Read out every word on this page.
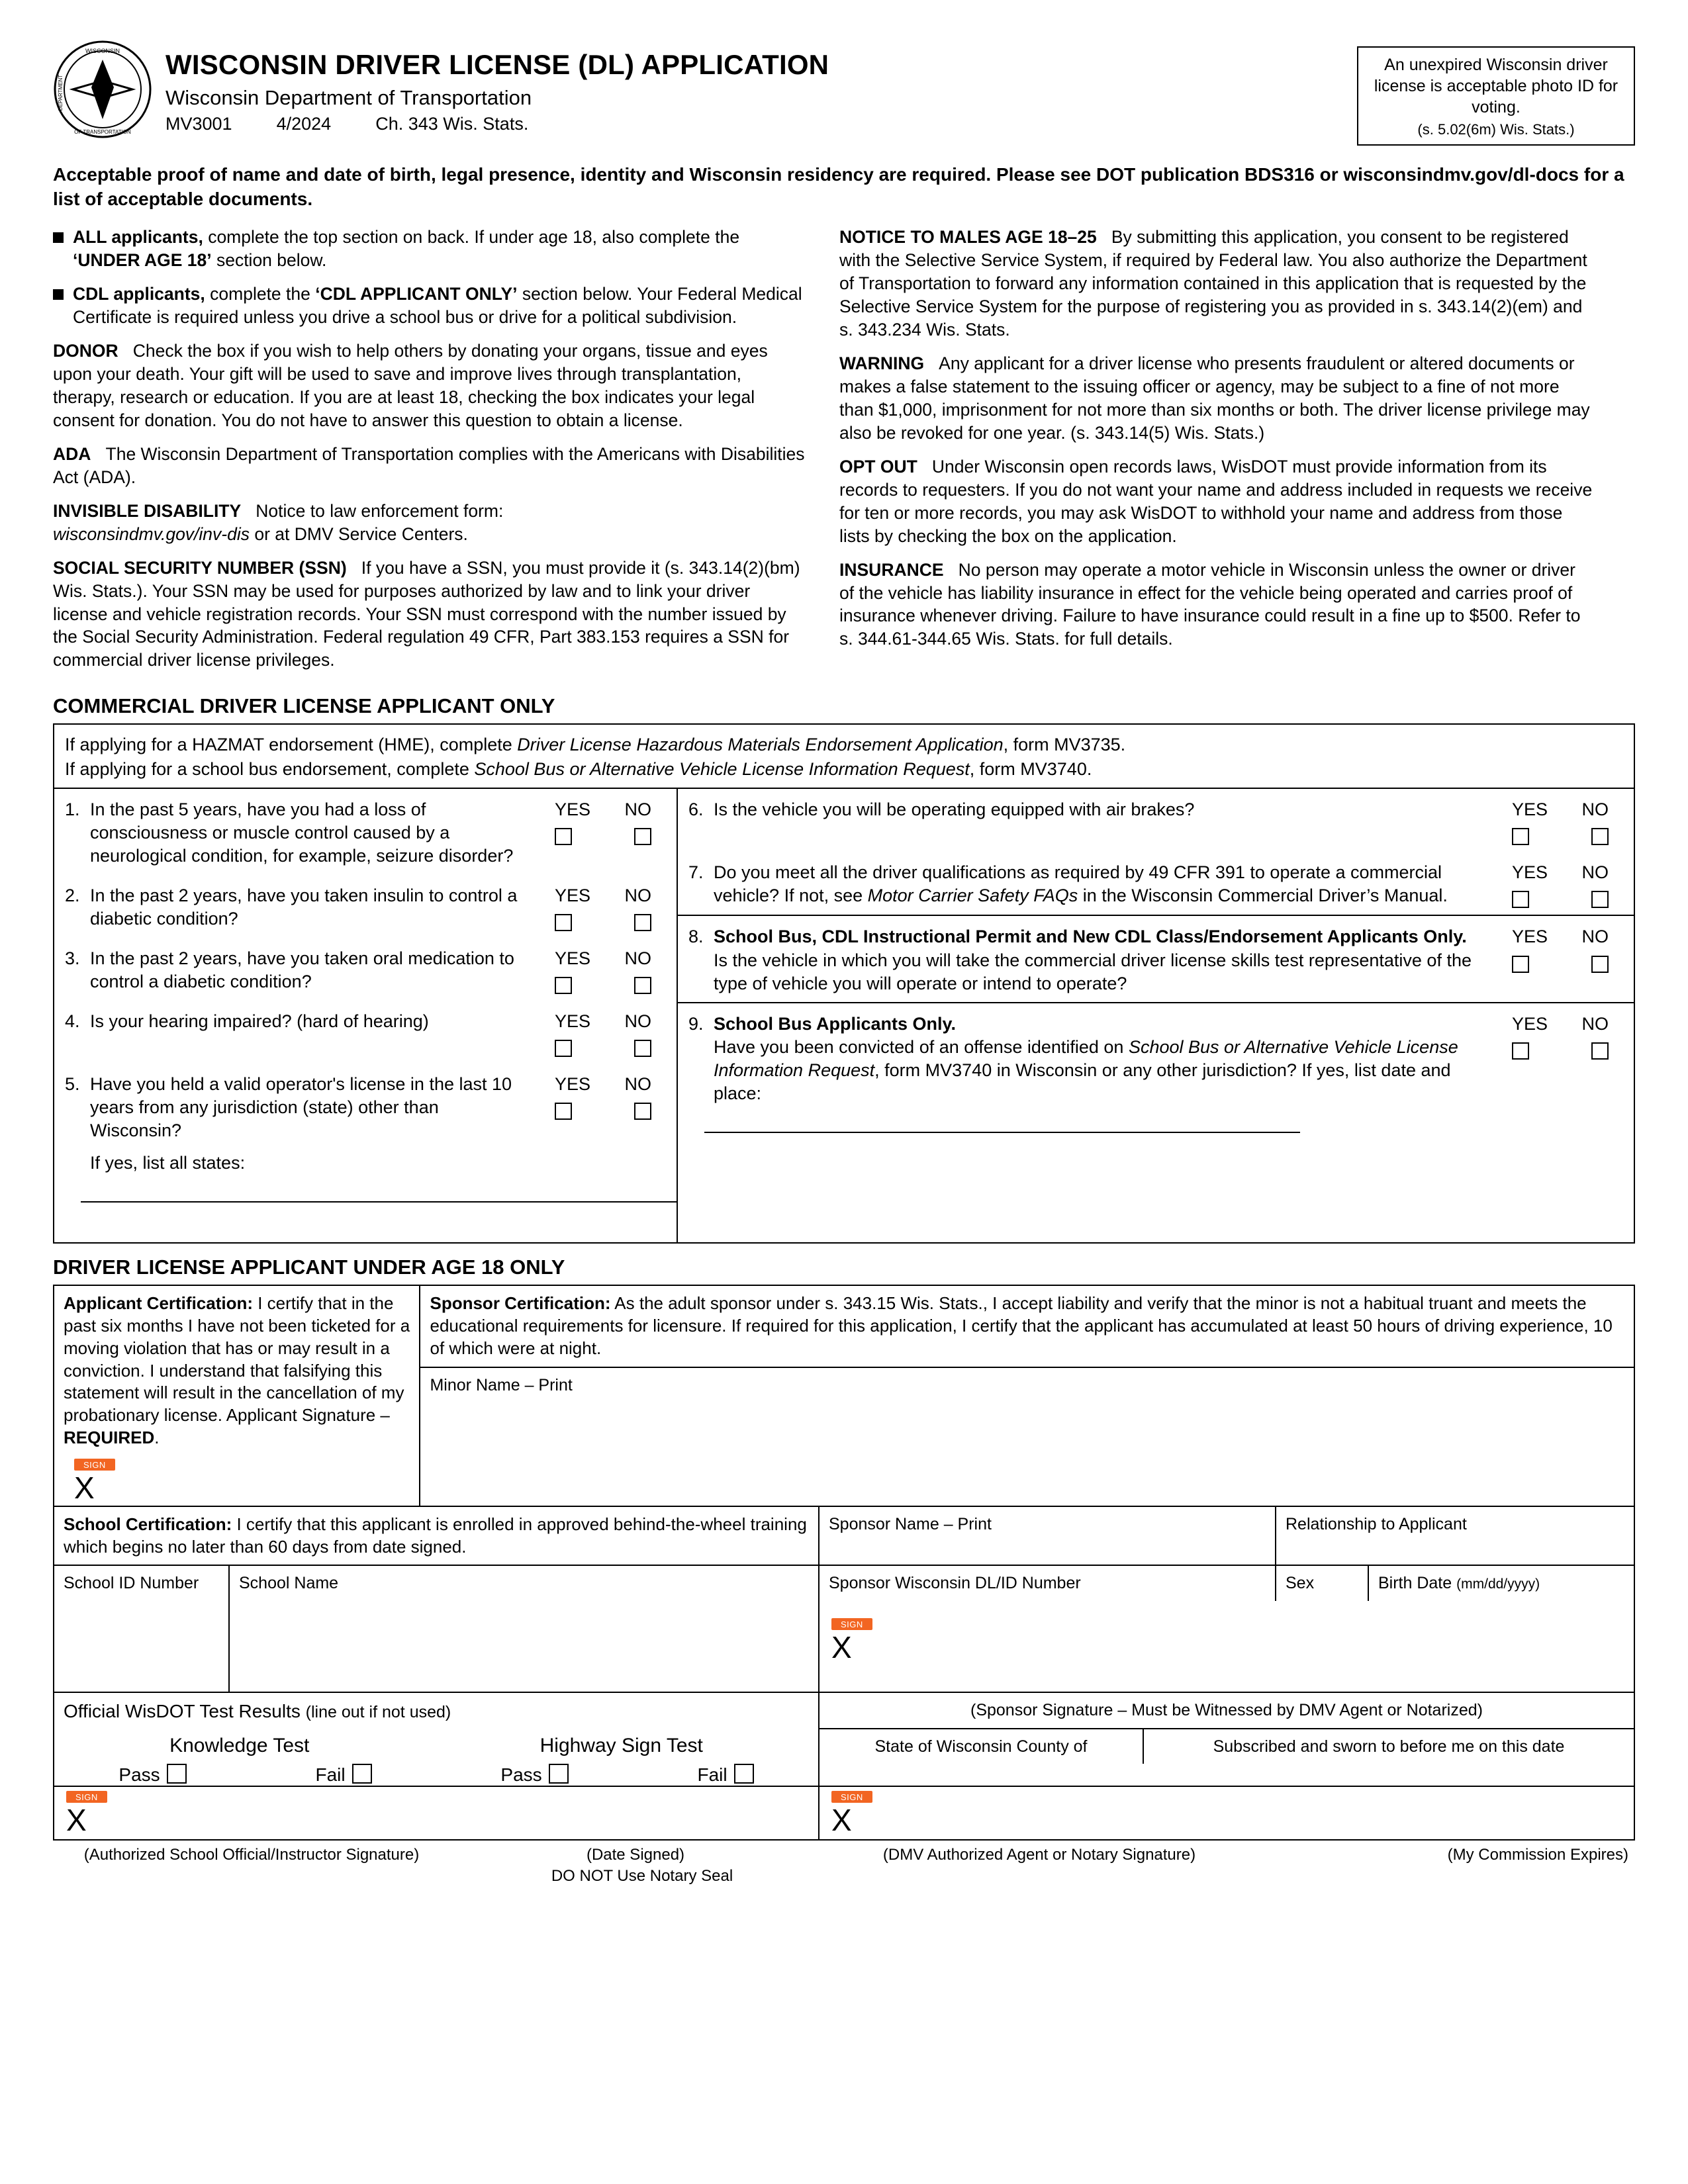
WISCONSIN
OF TRANSPORTATION
DEPARTMENT
WISCONSIN DRIVER LICENSE (DL) APPLICATION
Wisconsin Department of Transportation
MV3001 4/2024 Ch. 343 Wis. Stats.
An unexpired Wisconsin driver license is acceptable photo ID for voting.
(s. 5.02(6m) Wis. Stats.)
Acceptable proof of name and date of birth, legal presence, identity and Wisconsin residency are required. Please see DOT publication BDS316 or wisconsindmv.gov/dl-docs for a list of acceptable documents.
ALL applicants, complete the top section on back. If under age 18, also complete the ‘UNDER AGE 18’ section below.
CDL applicants, complete the ‘CDL APPLICANT ONLY’ section below. Your Federal Medical Certificate is required unless you drive a school bus or drive for a political subdivision.
DONOR Check the box if you wish to help others by donating your organs, tissue and eyes upon your death. Your gift will be used to save and improve lives through transplantation, therapy, research or education. If you are at least 18, checking the box indicates your legal consent for donation. You do not have to answer this question to obtain a license.
ADA The Wisconsin Department of Transportation complies with the Americans with Disabilities Act (ADA).
INVISIBLE DISABILITY Notice to law enforcement form:
wisconsindmv.gov/inv-dis or at DMV Service Centers.
SOCIAL SECURITY NUMBER (SSN) If you have a SSN, you must provide it (s. 343.14(2)(bm) Wis. Stats.). Your SSN may be used for purposes authorized by law and to link your driver license and vehicle registration records. Your SSN must correspond with the number issued by the Social Security Administration. Federal regulation 49 CFR, Part 383.153 requires a SSN for commercial driver license privileges.
NOTICE TO MALES AGE 18–25 By submitting this application, you consent to be registered with the Selective Service System, if required by Federal law. You also authorize the Department of Transportation to forward any information contained in this application that is requested by the Selective Service System for the purpose of registering you as provided in s. 343.14(2)(em) and s. 343.234 Wis. Stats.
WARNING Any applicant for a driver license who presents fraudulent or altered documents or makes a false statement to the issuing officer or agency, may be subject to a fine of not more than $1,000, imprisonment for not more than six months or both. The driver license privilege may also be revoked for one year. (s. 343.14(5) Wis. Stats.)
OPT OUT Under Wisconsin open records laws, WisDOT must provide information from its records to requesters. If you do not want your name and address included in requests we receive for ten or more records, you may ask WisDOT to withhold your name and address from those lists by checking the box on the application.
INSURANCE No person may operate a motor vehicle in Wisconsin unless the owner or driver of the vehicle has liability insurance in effect for the vehicle being operated and carries proof of insurance whenever driving. Failure to have insurance could result in a fine up to $500. Refer to s. 344.61-344.65 Wis. Stats. for full details.
COMMERCIAL DRIVER LICENSE APPLICANT ONLY
If applying for a HAZMAT endorsement (HME), complete Driver License Hazardous Materials Endorsement Application, form MV3735.
If applying for a school bus endorsement, complete School Bus or Alternative Vehicle License Information Request, form MV3740.
1. In the past 5 years, have you had a loss of consciousness or muscle control caused by a neurological condition, for example, seizure disorder?
YES NO
2. In the past 2 years, have you taken insulin to control a diabetic condition?
YES NO
3. In the past 2 years, have you taken oral medication to control a diabetic condition?
YES NO
4. Is your hearing impaired? (hard of hearing)	YES NO
5. Have you held a valid operator's license in the last 10 years from any jurisdiction (state) other than Wisconsin?
If yes, list all states:
YES NO
6. Is the vehicle you will be operating equipped with air brakes?	YES NO
7. Do you meet all the driver qualifications as required by 49 CFR 391 to operate a commercial vehicle? If not, see Motor Carrier Safety FAQs in the Wisconsin Commercial Driver’s Manual.
YES NO
8. School Bus, CDL Instructional Permit and New CDL Class/Endorsement Applicants Only.
Is the vehicle in which you will take the commercial driver license skills test representative of the type of vehicle you will operate or intend to operate?
YES NO
9. School Bus Applicants Only.
Have you been convicted of an offense identified on School Bus or Alternative Vehicle License Information Request, form MV3740 in Wisconsin or any other jurisdiction? If yes, list date and place:
YES NO
DRIVER LICENSE APPLICANT UNDER AGE 18 ONLY
Applicant Certification: I certify that in the past six months I have not been ticketed for a moving violation that has or may result in a conviction. I understand that falsifying this statement will result in the cancellation of my probationary license. Applicant Signature – REQUIRED.
SIGN
X
Sponsor Certification: As the adult sponsor under s. 343.15 Wis. Stats., I accept liability and verify that the minor is not a habitual truant and meets the educational requirements for licensure. If required for this application, I certify that the applicant has accumulated at least 50 hours of driving experience, 10 of which were at night.
Minor Name – Print
School Certification: I certify that this applicant is enrolled in approved behind-the-wheel training which begins no later than 60 days from date signed.
Sponsor Name – Print	Relationship to Applicant
School ID Number	School Name	Sponsor Wisconsin DL/ID Number	Sex	Birth Date (mm/dd/yyyy)
SIGN
X
Official WisDOT Test Results (line out if not used)
Knowledge Test	Highway Sign Test
Pass	Fail	Pass	Fail
(Sponsor Signature – Must be Witnessed by DMV Agent or Notarized)
State of Wisconsin County of	Subscribed and sworn to before me on this date
SIGN
X
SIGN
X
(Authorized School Official/Instructor Signature)	(Date Signed)	(DMV Authorized Agent or Notary Signature)	(My Commission Expires)
DO NOT Use Notary Seal
